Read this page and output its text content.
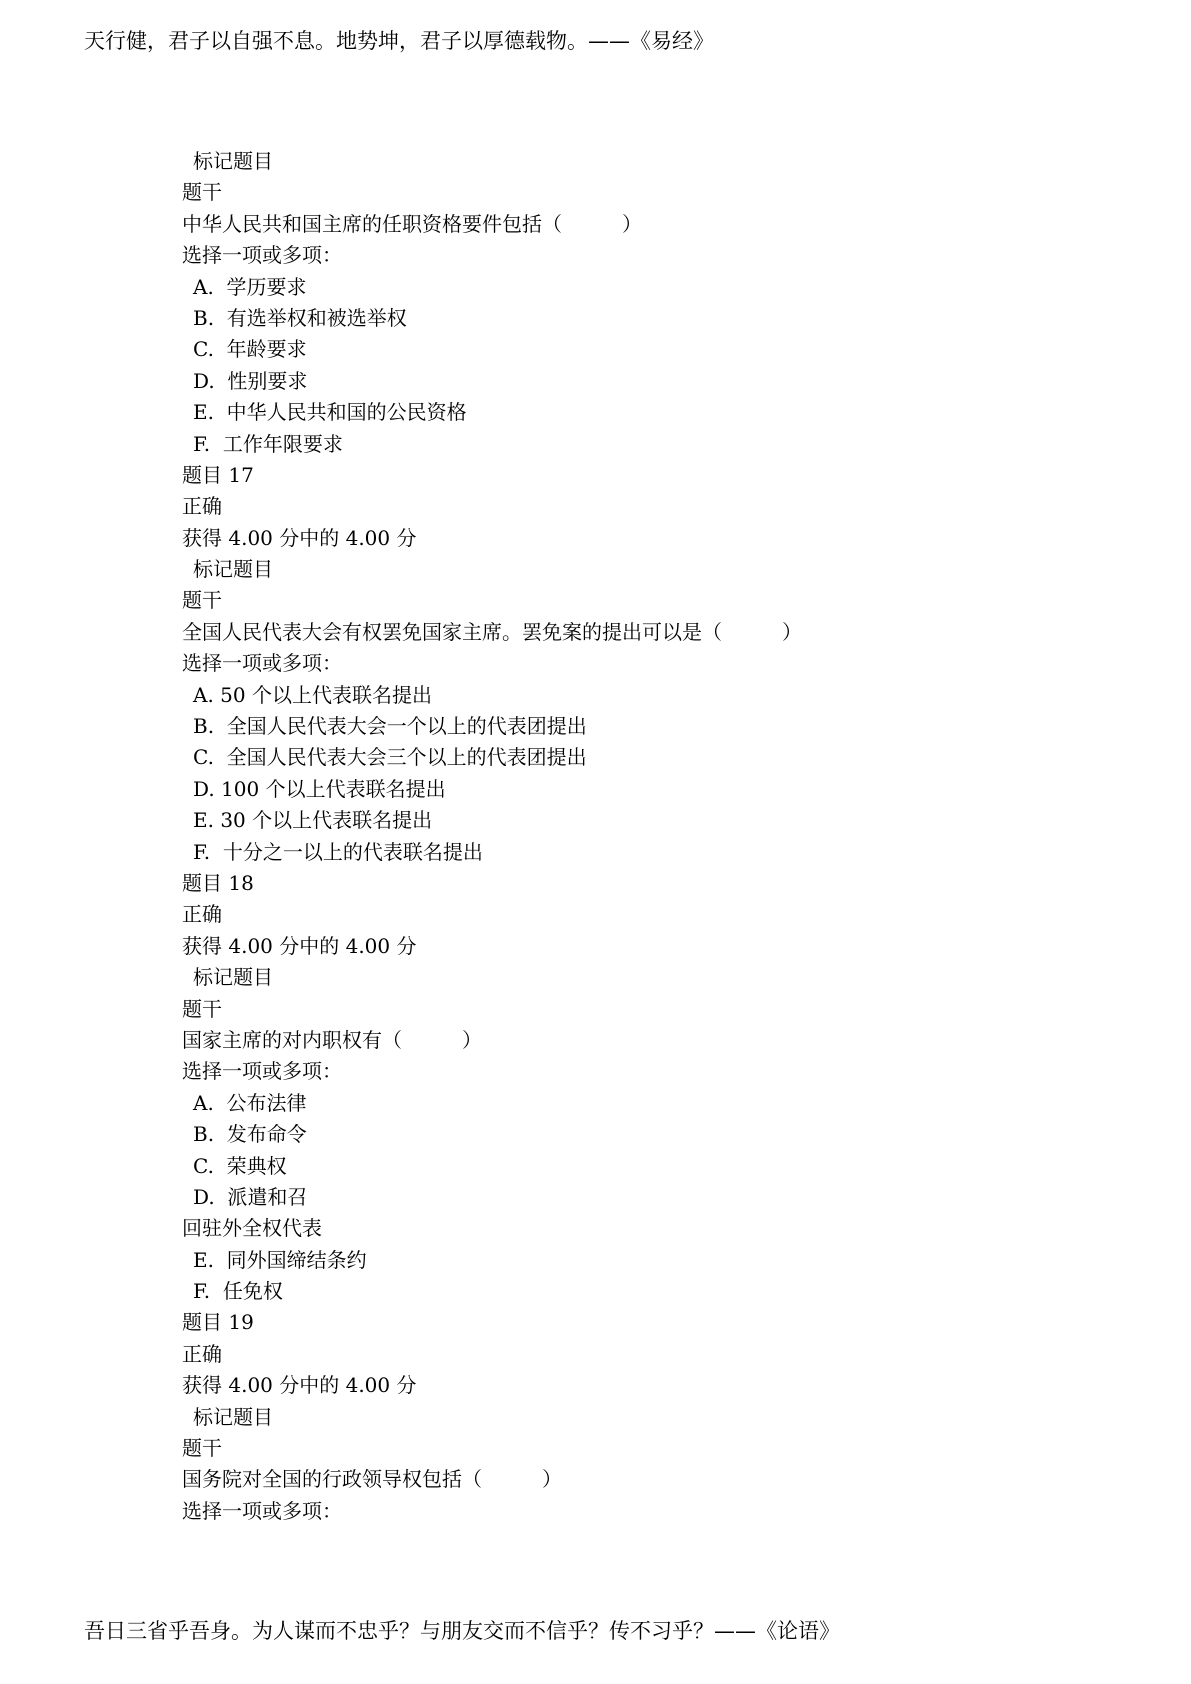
天行健，君子以自强不息。地势坤，君子以厚德载物。——《易经》
标记题目
题干
中华人民共和国主席的任职资格要件包括（　　　）
选择一项或多项：
A.  学历要求
B.  有选举权和被选举权
C.  年龄要求
D.  性别要求
E.  中华人民共和国的公民资格
F.  工作年限要求
题目 17
正确
获得 4.00 分中的 4.00 分
标记题目
题干
全国人民代表大会有权罢免国家主席。罢免案的提出可以是（　　　）
选择一项或多项：
A. 50 个以上代表联名提出
B.  全国人民代表大会一个以上的代表团提出
C.  全国人民代表大会三个以上的代表团提出
D. 100 个以上代表联名提出
E. 30 个以上代表联名提出
F.  十分之一以上的代表联名提出
题目 18
正确
获得 4.00 分中的 4.00 分
标记题目
题干
国家主席的对内职权有（　　　）
选择一项或多项：
A.  公布法律
B.  发布命令
C.  荣典权
D.  派遣和召
回驻外全权代表
E.  同外国缔结条约
F.  任免权
题目 19
正确
获得 4.00 分中的 4.00 分
标记题目
题干
国务院对全国的行政领导权包括（　　　）
选择一项或多项：
吾日三省乎吾身。为人谋而不忠乎？与朋友交而不信乎？传不习乎？——《论语》
